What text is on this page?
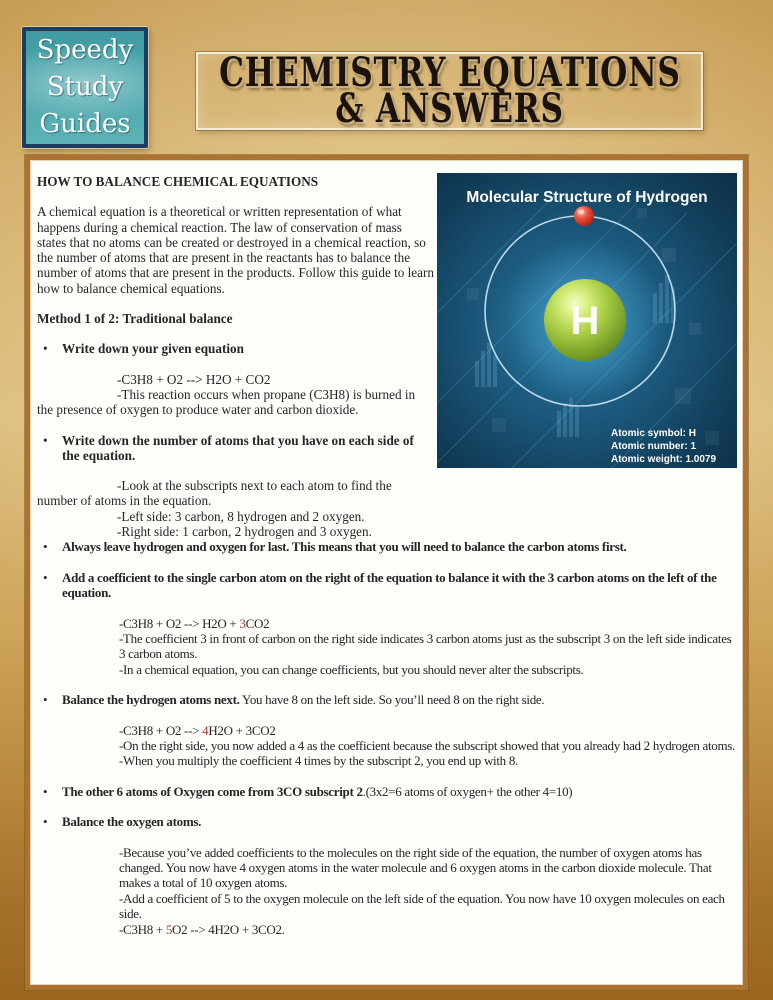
Speedy
Study
Guides
CHEMISTRY EQUATIONS
& ANSWERS

HOW TO BALANCE CHEMICAL EQUATIONS

A chemical equation is a theoretical or written representation of what happens during a chemical reaction. The law of conservation of mass states that no atoms can be created or destroyed in a chemical reaction, so the number of atoms that are present in the reactants has to balance the number of atoms that are present in the products. Follow this guide to learn how to balance chemical equations.

Method 1 of 2: Traditional balance

• Write down your given equation

-C3H8 + O2 --> H2O + CO2

-This reaction occurs when propane (C3H8) is burned in the presence of oxygen to produce water and carbon dioxide.

• Write down the number of atoms that you have on each side of the equation.

-Look at the subscripts next to each atom to find the number of atoms in the equation.

-Left side: 3 carbon, 8 hydrogen and 2 oxygen.

-Right side: 1 carbon, 2 hydrogen and 3 oxygen.

• Always leave hydrogen and oxygen for last. This means that you will need to balance the carbon atoms first.
• Add a coefficient to the single carbon atom on the right of the equation to balance it with the 3 carbon atoms on the left of the equation.

-C3H8 + O2 --> H2O + 3CO2

-The coefficient 3 in front of carbon on the right side indicates 3 carbon atoms just as the subscript 3 on the left side indicates 3 carbon atoms.

-In a chemical equation, you can change coefficients, but you should never alter the subscripts.

• Balance the hydrogen atoms next. You have 8 on the left side. So you’ll need 8 on the right side.

-C3H8 + O2 --> 4H2O + 3CO2

-On the right side, you now added a 4 as the coefficient because the subscript showed that you already had 2 hydrogen atoms.

-When you multiply the coefficient 4 times by the subscript 2, you end up with 8.

• The other 6 atoms of Oxygen come from 3CO subscript 2.(3x2=6 atoms of oxygen+ the other 4=10)
• Balance the oxygen atoms.

-Because you’ve added coefficients to the molecules on the right side of the equation, the number of oxygen atoms has changed. You now have 4 oxygen atoms in the water molecule and 6 oxygen atoms in the carbon dioxide molecule. That makes a total of 10 oxygen atoms.

-Add a coefficient of 5 to the oxygen molecule on the left side of the equation. You now have 10 oxygen molecules on each side.

-C3H8 + 5O2 --> 4H2O + 3CO2.

H
Molecular Structure of Hydrogen
Atomic symbol: H
Atomic number: 1
Atomic weight: 1.0079
